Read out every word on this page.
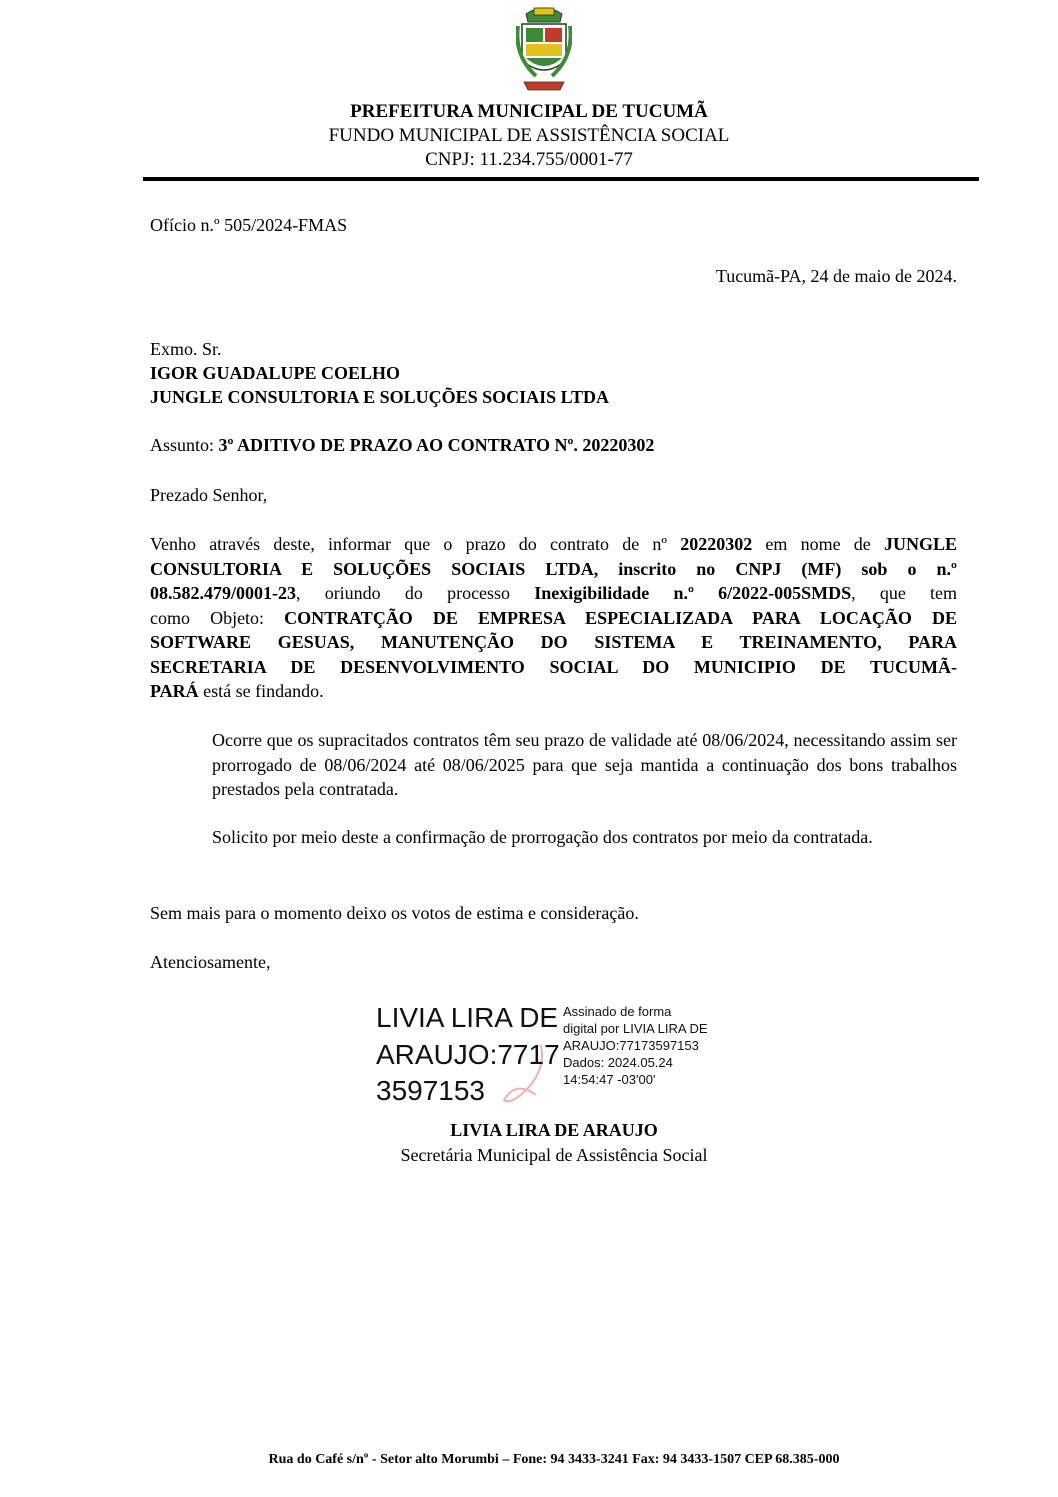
PREFEITURA MUNICIPAL DE TUCUMÃ
FUNDO MUNICIPAL DE ASSISTÊNCIA SOCIAL
CNPJ: 11.234.755/0001-77
Ofício n.º 505/2024-FMAS
Tucumã-PA, 24 de maio de 2024.
Exmo. Sr.
IGOR GUADALUPE COELHO
JUNGLE CONSULTORIA E SOLUÇÕES SOCIAIS LTDA
Assunto: 3º ADITIVO DE PRAZO AO CONTRATO Nº. 20220302
Prezado Senhor,
Venho através deste, informar que o prazo do contrato de nº 20220302 em nome de JUNGLE
CONSULTORIA E SOLUÇÕES SOCIAIS LTDA, inscrito no CNPJ (MF) sob o n.º
08.582.479/0001-23, oriundo do processo Inexigibilidade n.º 6/2022-005SMDS, que tem
como Objeto: CONTRATÇÃO DE EMPRESA ESPECIALIZADA PARA LOCAÇÃO DE
SOFTWARE GESUAS, MANUTENÇÃO DO SISTEMA E TREINAMENTO, PARA
SECRETARIA DE DESENVOLVIMENTO SOCIAL DO MUNICIPIO DE TUCUMÃ-
PARÁ está se findando.
Ocorre que os supracitados contratos têm seu prazo de validade até 08/06/2024, necessitando assim ser prorrogado de 08/06/2024 até 08/06/2025 para que seja mantida a continuação dos bons trabalhos prestados pela contratada.
Solicito por meio deste a confirmação de prorrogação dos contratos por meio da contratada.
Sem mais para o momento deixo os votos de estima e consideração.
Atenciosamente,
LIVIA LIRA DE
ARAUJO:7717
3597153
Assinado de forma
digital por LIVIA LIRA DE
ARAUJO:77173597153
Dados: 2024.05.24
14:54:47 -03'00'
LIVIA LIRA DE ARAUJO
Secretária Municipal de Assistência Social
Rua do Café s/nº - Setor alto Morumbi – Fone: 94 3433-3241 Fax: 94 3433-1507 CEP 68.385-000
